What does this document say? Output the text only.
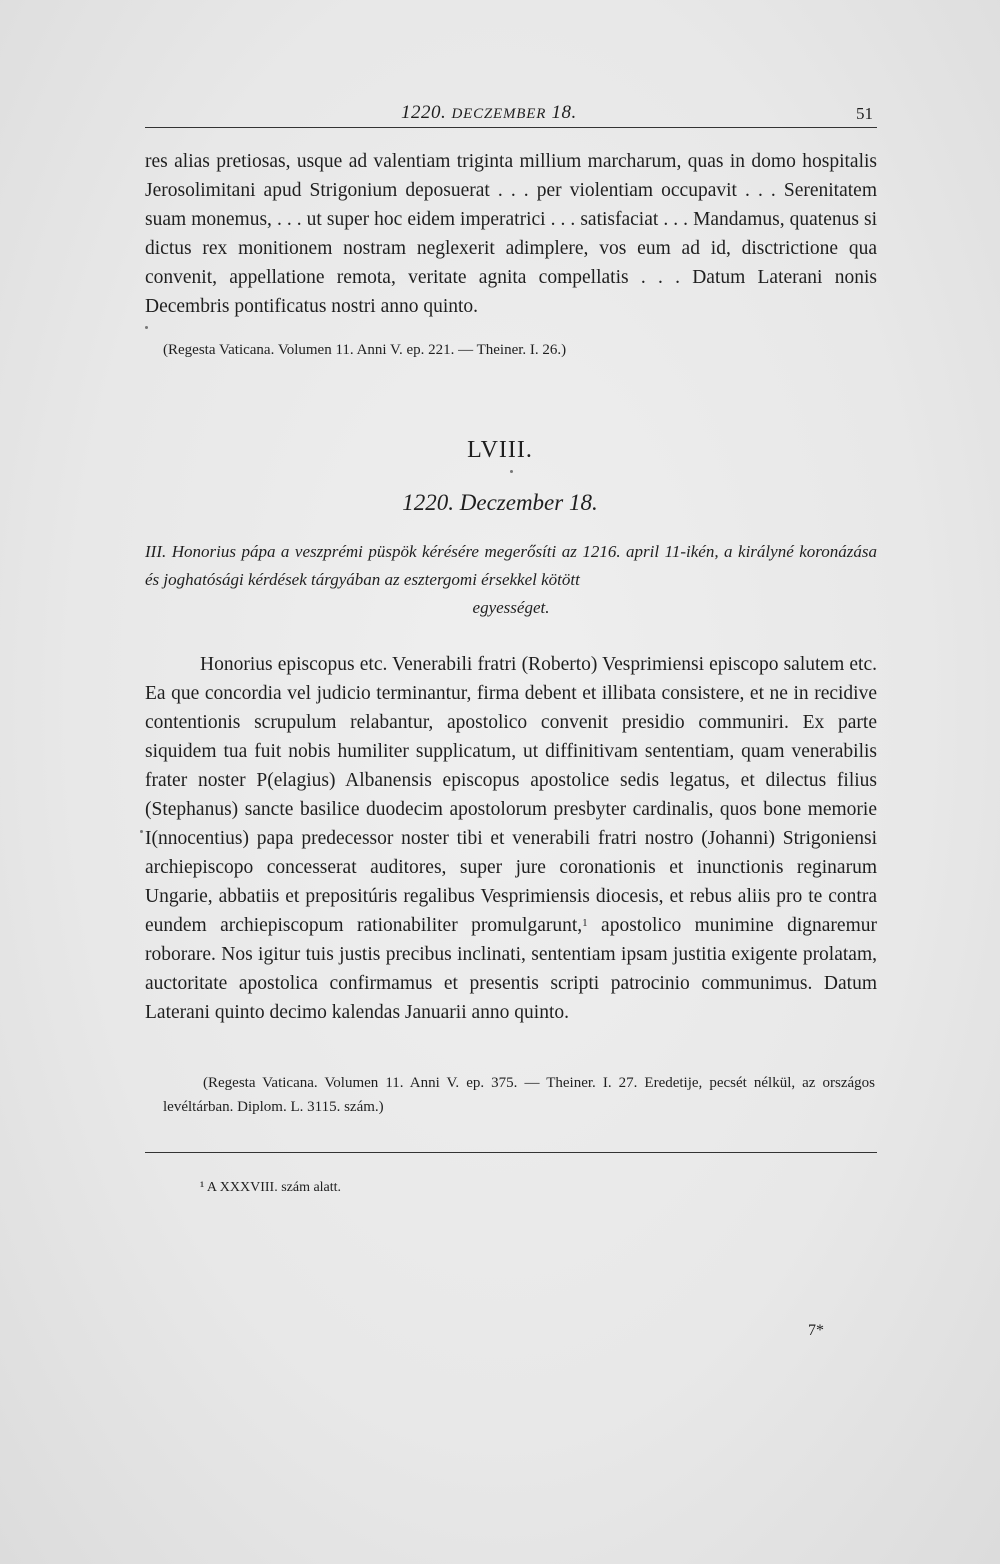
1220. DECZEMBER 18.	51

res alias pretiosas, usque ad valentiam triginta millium marcharum, quas in domo hospitalis Jerosolimitani apud Strigonium deposuerat . . . per violentiam occupavit . . . Serenitatem suam monemus, . . . ut super hoc eidem imperatrici . . . satisfaciat . . . Mandamus, quatenus si dictus rex monitionem nostram neglexerit adimplere, vos eum ad id, disctrictione qua convenit, appellatione remota, veritate agnita compellatis . . . Datum Laterani nonis Decembris pontificatus nostri anno quinto.

(Regesta Vaticana. Volumen 11. Anni V. ep. 221. — Theiner. I. 26.)
LVIII.
1220. Deczember 18.
III. Honorius pápa a veszprémi püspök kérésére megerősíti az 1216. april 11-ikén, a királyné koronázása és joghatósági kérdések tárgyában az esztergomi érsekkel kötött
egyességet.

Honorius episcopus etc. Venerabili fratri (Roberto) Vesprimiensi episcopo salutem etc. Ea que concordia vel judicio terminantur, firma debent et illibata consistere, et ne in recidive contentionis scrupulum relabantur, apostolico convenit presidio communiri. Ex parte siquidem tua fuit nobis humiliter supplicatum, ut diffinitivam sententiam, quam venerabilis frater noster P(elagius) Albanensis episcopus apostolice sedis legatus, et dilectus filius (Stephanus) sancte basilice duodecim apostolorum presbyter cardinalis, quos bone memorie I(nnocentius) papa predecessor noster tibi et venerabili fratri nostro (Johanni) Strigoniensi archiepiscopo concesserat auditores, super jure coronationis et inunctionis reginarum Ungarie, abbatiis et prepositúris regalibus Vesprimiensis diocesis, et rebus aliis pro te contra eundem archiepiscopum rationabiliter promulgarunt,$^1$ apostolico munimine dignaremur roborare. Nos igitur tuis justis precibus inclinati, sententiam ipsam justitia exigente prolatam, auctoritate apostolica confirmamus et presentis scripti patrocinio communimus. Datum Laterani quinto decimo kalendas Januarii anno quinto.

(Regesta Vaticana. Volumen 11. Anni V. ep. 375. — Theiner. I. 27. Eredetije, pecsét nélkül, az országos levéltárban. Diplom. L. 3115. szám.)
¹ A XXXVIII. szám alatt.
7*
